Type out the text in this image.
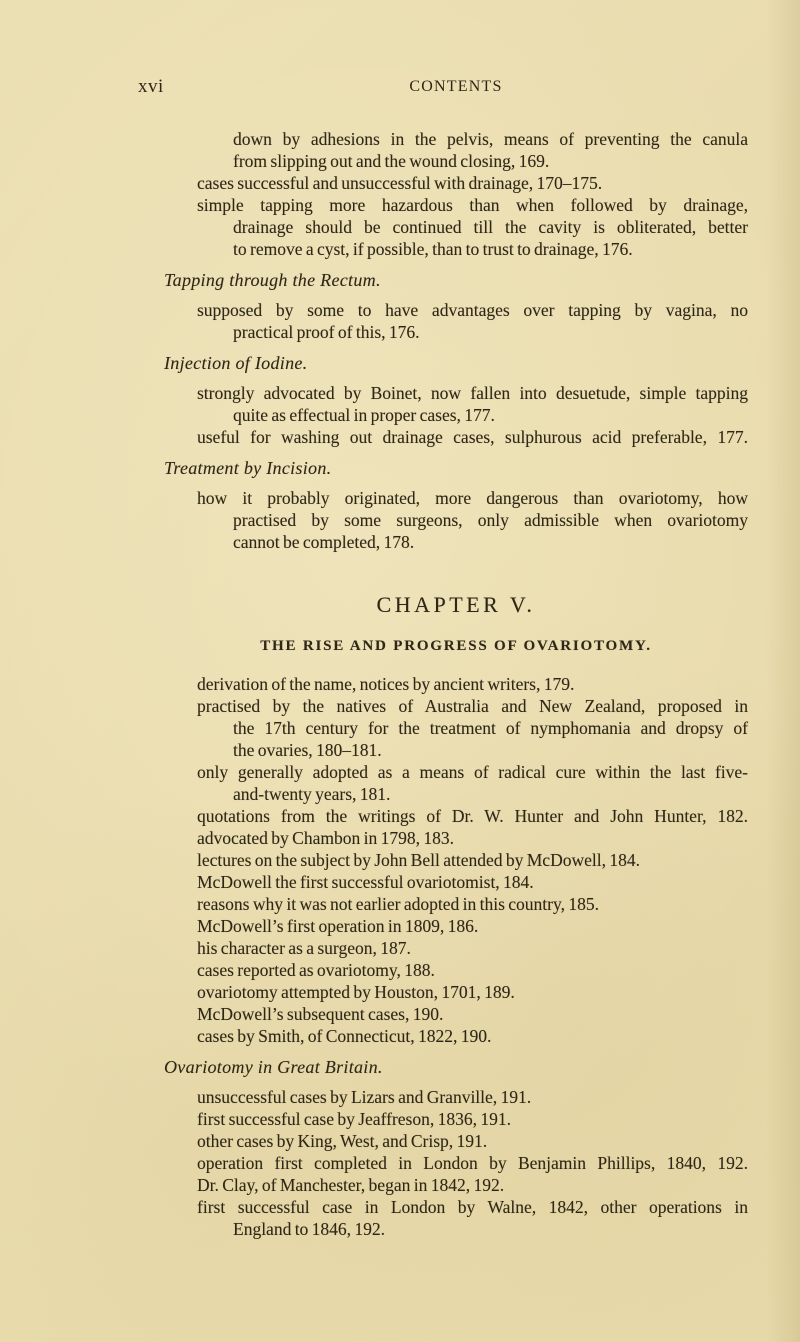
xvi	CONTENTS
down by adhesions in the pelvis, means of preventing the canula
from slipping out and the wound closing, 169.
cases successful and unsuccessful with drainage, 170–175.
simple tapping more hazardous than when followed by drainage,
drainage should be continued till the cavity is obliterated, better
to remove a cyst, if possible, than to trust to drainage, 176.
Tapping through the Rectum.
supposed by some to have advantages over tapping by vagina, no
practical proof of this, 176.
Injection of Iodine.
strongly advocated by Boinet, now fallen into desuetude, simple tapping
quite as effectual in proper cases, 177.
useful for washing out drainage cases, sulphurous acid preferable, 177.
Treatment by Incision.
how it probably originated, more dangerous than ovariotomy, how
practised by some surgeons, only admissible when ovariotomy
cannot be completed, 178.
CHAPTER V.
THE RISE AND PROGRESS OF OVARIOTOMY.
derivation of the name, notices by ancient writers, 179.
practised by the natives of Australia and New Zealand, proposed in
the 17th century for the treatment of nymphomania and dropsy of
the ovaries, 180–181.
only generally adopted as a means of radical cure within the last five-
and-twenty years, 181.
quotations from the writings of Dr. W. Hunter and John Hunter, 182.
advocated by Chambon in 1798, 183.
lectures on the subject by John Bell attended by McDowell, 184.
McDowell the first successful ovariotomist, 184.
reasons why it was not earlier adopted in this country, 185.
McDowell’s first operation in 1809, 186.
his character as a surgeon, 187.
cases reported as ovariotomy, 188.
ovariotomy attempted by Houston, 1701, 189.
McDowell’s subsequent cases, 190.
cases by Smith, of Connecticut, 1822, 190.
Ovariotomy in Great Britain.
unsuccessful cases by Lizars and Granville, 191.
first successful case by Jeaffreson, 1836, 191.
other cases by King, West, and Crisp, 191.
operation first completed in London by Benjamin Phillips, 1840, 192.
Dr. Clay, of Manchester, began in 1842, 192.
first successful case in London by Walne, 1842, other operations in
England to 1846, 192.
